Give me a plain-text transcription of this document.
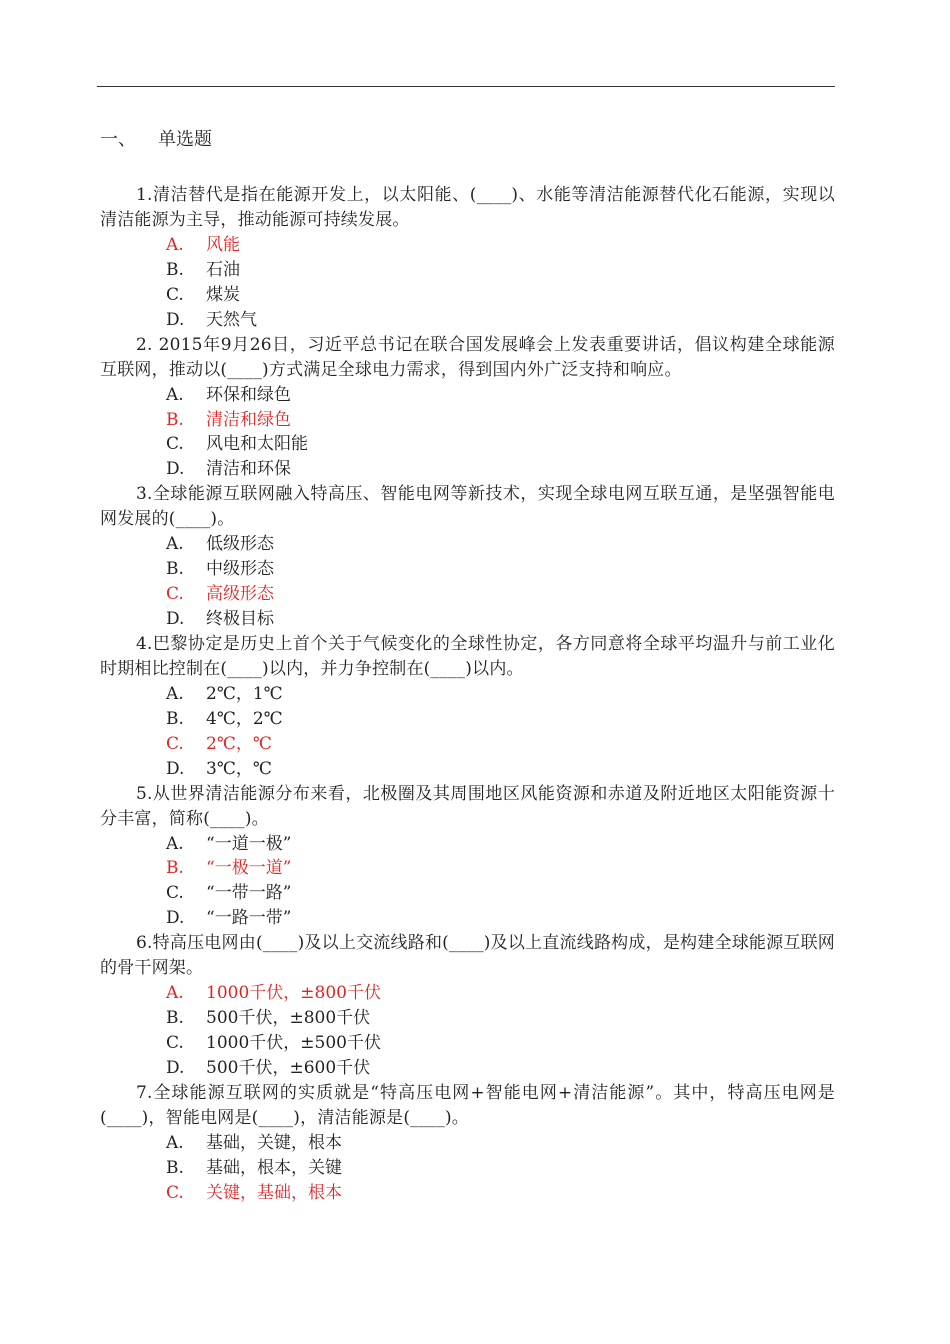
一、 单选题
1.清洁替代是指在能源开发上，以太阳能、(____)、水能等清洁能源替代化石能源，实现以清洁能源为主导，推动能源可持续发展。
A. 风能
B. 石油
C. 煤炭
D. 天然气
2. 2015年9月26日，习近平总书记在联合国发展峰会上发表重要讲话，倡议构建全球能源互联网，推动以(____)方式满足全球电力需求，得到国内外广泛支持和响应。
A. 环保和绿色
B. 清洁和绿色
C. 风电和太阳能
D. 清洁和环保
3.全球能源互联网融入特高压、智能电网等新技术，实现全球电网互联互通，是坚强智能电网发展的(____)。
A. 低级形态
B. 中级形态
C. 高级形态
D. 终极目标
4.巴黎协定是历史上首个关于气候变化的全球性协定，各方同意将全球平均温升与前工业化时期相比控制在(____)以内，并力争控制在(____)以内。
A. 2℃，1℃
B. 4℃，2℃
C. 2℃，℃
D. 3℃，℃
5.从世界清洁能源分布来看，北极圈及其周围地区风能资源和赤道及附近地区太阳能资源十分丰富，简称(____)。
A. “一道一极”
B. “一极一道”
C. “一带一路”
D. “一路一带”
6.特高压电网由(____)及以上交流线路和(____)及以上直流线路构成，是构建全球能源互联网的骨干网架。
A. 1000千伏，±800千伏
B. 500千伏，±800千伏
C. 1000千伏，±500千伏
D. 500千伏，±600千伏
7.全球能源互联网的实质就是“特高压电网+智能电网+清洁能源”。其中，特高压电网是(____)，智能电网是(____)，清洁能源是(____)。
A. 基础，关键，根本
B. 基础，根本，关键
C. 关键，基础，根本
